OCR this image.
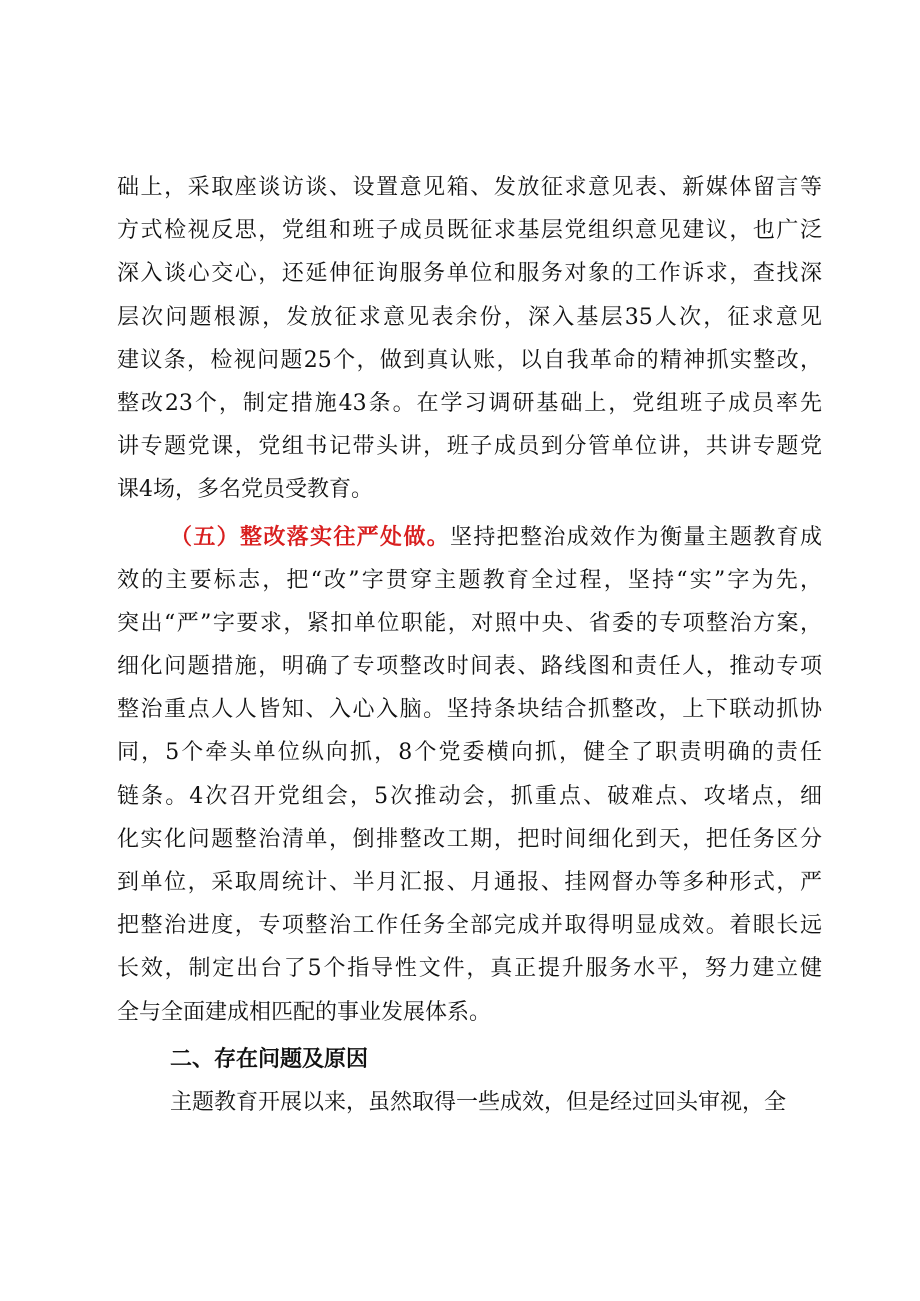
础上，采取座谈访谈、设置意见箱、发放征求意见表、新媒体留言等
方式检视反思，党组和班子成员既征求基层党组织意见建议，也广泛
深入谈心交心，还延伸征询服务单位和服务对象的工作诉求，查找深
层次问题根源，发放征求意见表余份，深入基层35人次，征求意见
建议条，检视问题25个，做到真认账，以自我革命的精神抓实整改，
整改23个，制定措施43条。在学习调研基础上，党组班子成员率先
讲专题党课，党组书记带头讲，班子成员到分管单位讲，共讲专题党
课4场，多名党员受教育。
（五）整改落实往严处做。坚持把整治成效作为衡量主题教育成
效的主要标志，把“改”字贯穿主题教育全过程，坚持“实”字为先，
突出“严”字要求，紧扣单位职能，对照中央、省委的专项整治方案，
细化问题措施，明确了专项整改时间表、路线图和责任人，推动专项
整治重点人人皆知、入心入脑。坚持条块结合抓整改，上下联动抓协
同，5个牵头单位纵向抓，8个党委横向抓，健全了职责明确的责任
链条。4次召开党组会，5次推动会，抓重点、破难点、攻堵点，细
化实化问题整治清单，倒排整改工期，把时间细化到天，把任务区分
到单位，采取周统计、半月汇报、月通报、挂网督办等多种形式，严
把整治进度，专项整治工作任务全部完成并取得明显成效。着眼长远
长效，制定出台了5个指导性文件，真正提升服务水平，努力建立健
全与全面建成相匹配的事业发展体系。
二、存在问题及原因
主题教育开展以来，虽然取得一些成效，但是经过回头审视，全
